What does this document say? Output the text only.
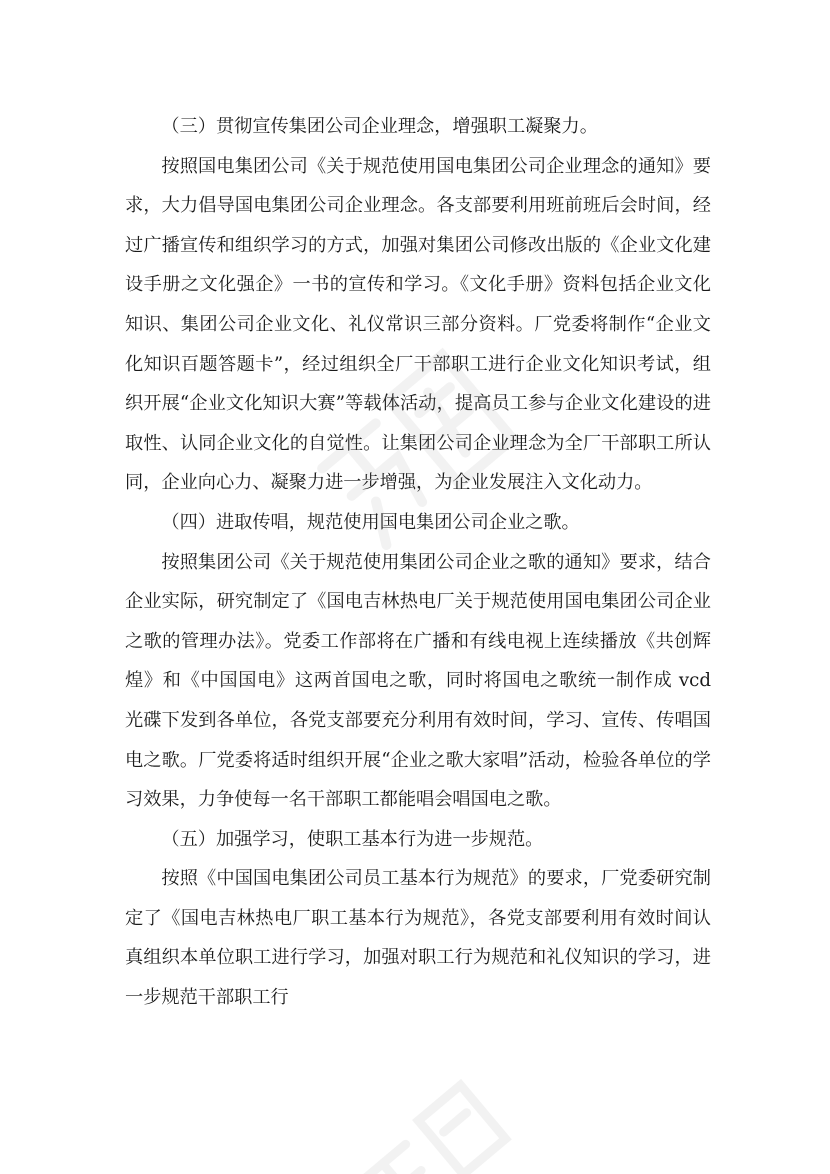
（三）贯彻宣传集团公司企业理念，增强职工凝聚力。

按照国电集团公司《关于规范使用国电集团公司企业理念的通知》要求，大力倡导国电集团公司企业理念。各支部要利用班前班后会时间，经过广播宣传和组织学习的方式，加强对集团公司修改出版的《企业文化建设手册之文化强企》一书的宣传和学习。《文化手册》资料包括企业文化知识、集团公司企业文化、礼仪常识三部分资料。厂党委将制作“企业文化知识百题答题卡”，经过组织全厂干部职工进行企业文化知识考试，组织开展“企业文化知识大赛”等载体活动，提高员工参与企业文化建设的进取性、认同企业文化的自觉性。让集团公司企业理念为全厂干部职工所认同，企业向心力、凝聚力进一步增强，为企业发展注入文化动力。

（四）进取传唱，规范使用国电集团公司企业之歌。

按照集团公司《关于规范使用集团公司企业之歌的通知》要求，结合企业实际，研究制定了《国电吉林热电厂关于规范使用国电集团公司企业之歌的管理办法》。党委工作部将在广播和有线电视上连续播放《共创辉煌》和《中国国电》这两首国电之歌，同时将国电之歌统一制作成 vcd 光碟下发到各单位，各党支部要充分利用有效时间，学习、宣传、传唱国电之歌。厂党委将适时组织开展“企业之歌大家唱”活动，检验各单位的学习效果，力争使每一名干部职工都能唱会唱国电之歌。

（五）加强学习，使职工基本行为进一步规范。

按照《中国国电集团公司员工基本行为规范》的要求，厂党委研究制定了《国电吉林热电厂职工基本行为规范》，各党支部要利用有效时间认真组织本单位职工进行学习，加强对职工行为规范和礼仪知识的学习，进一步规范干部职工行
